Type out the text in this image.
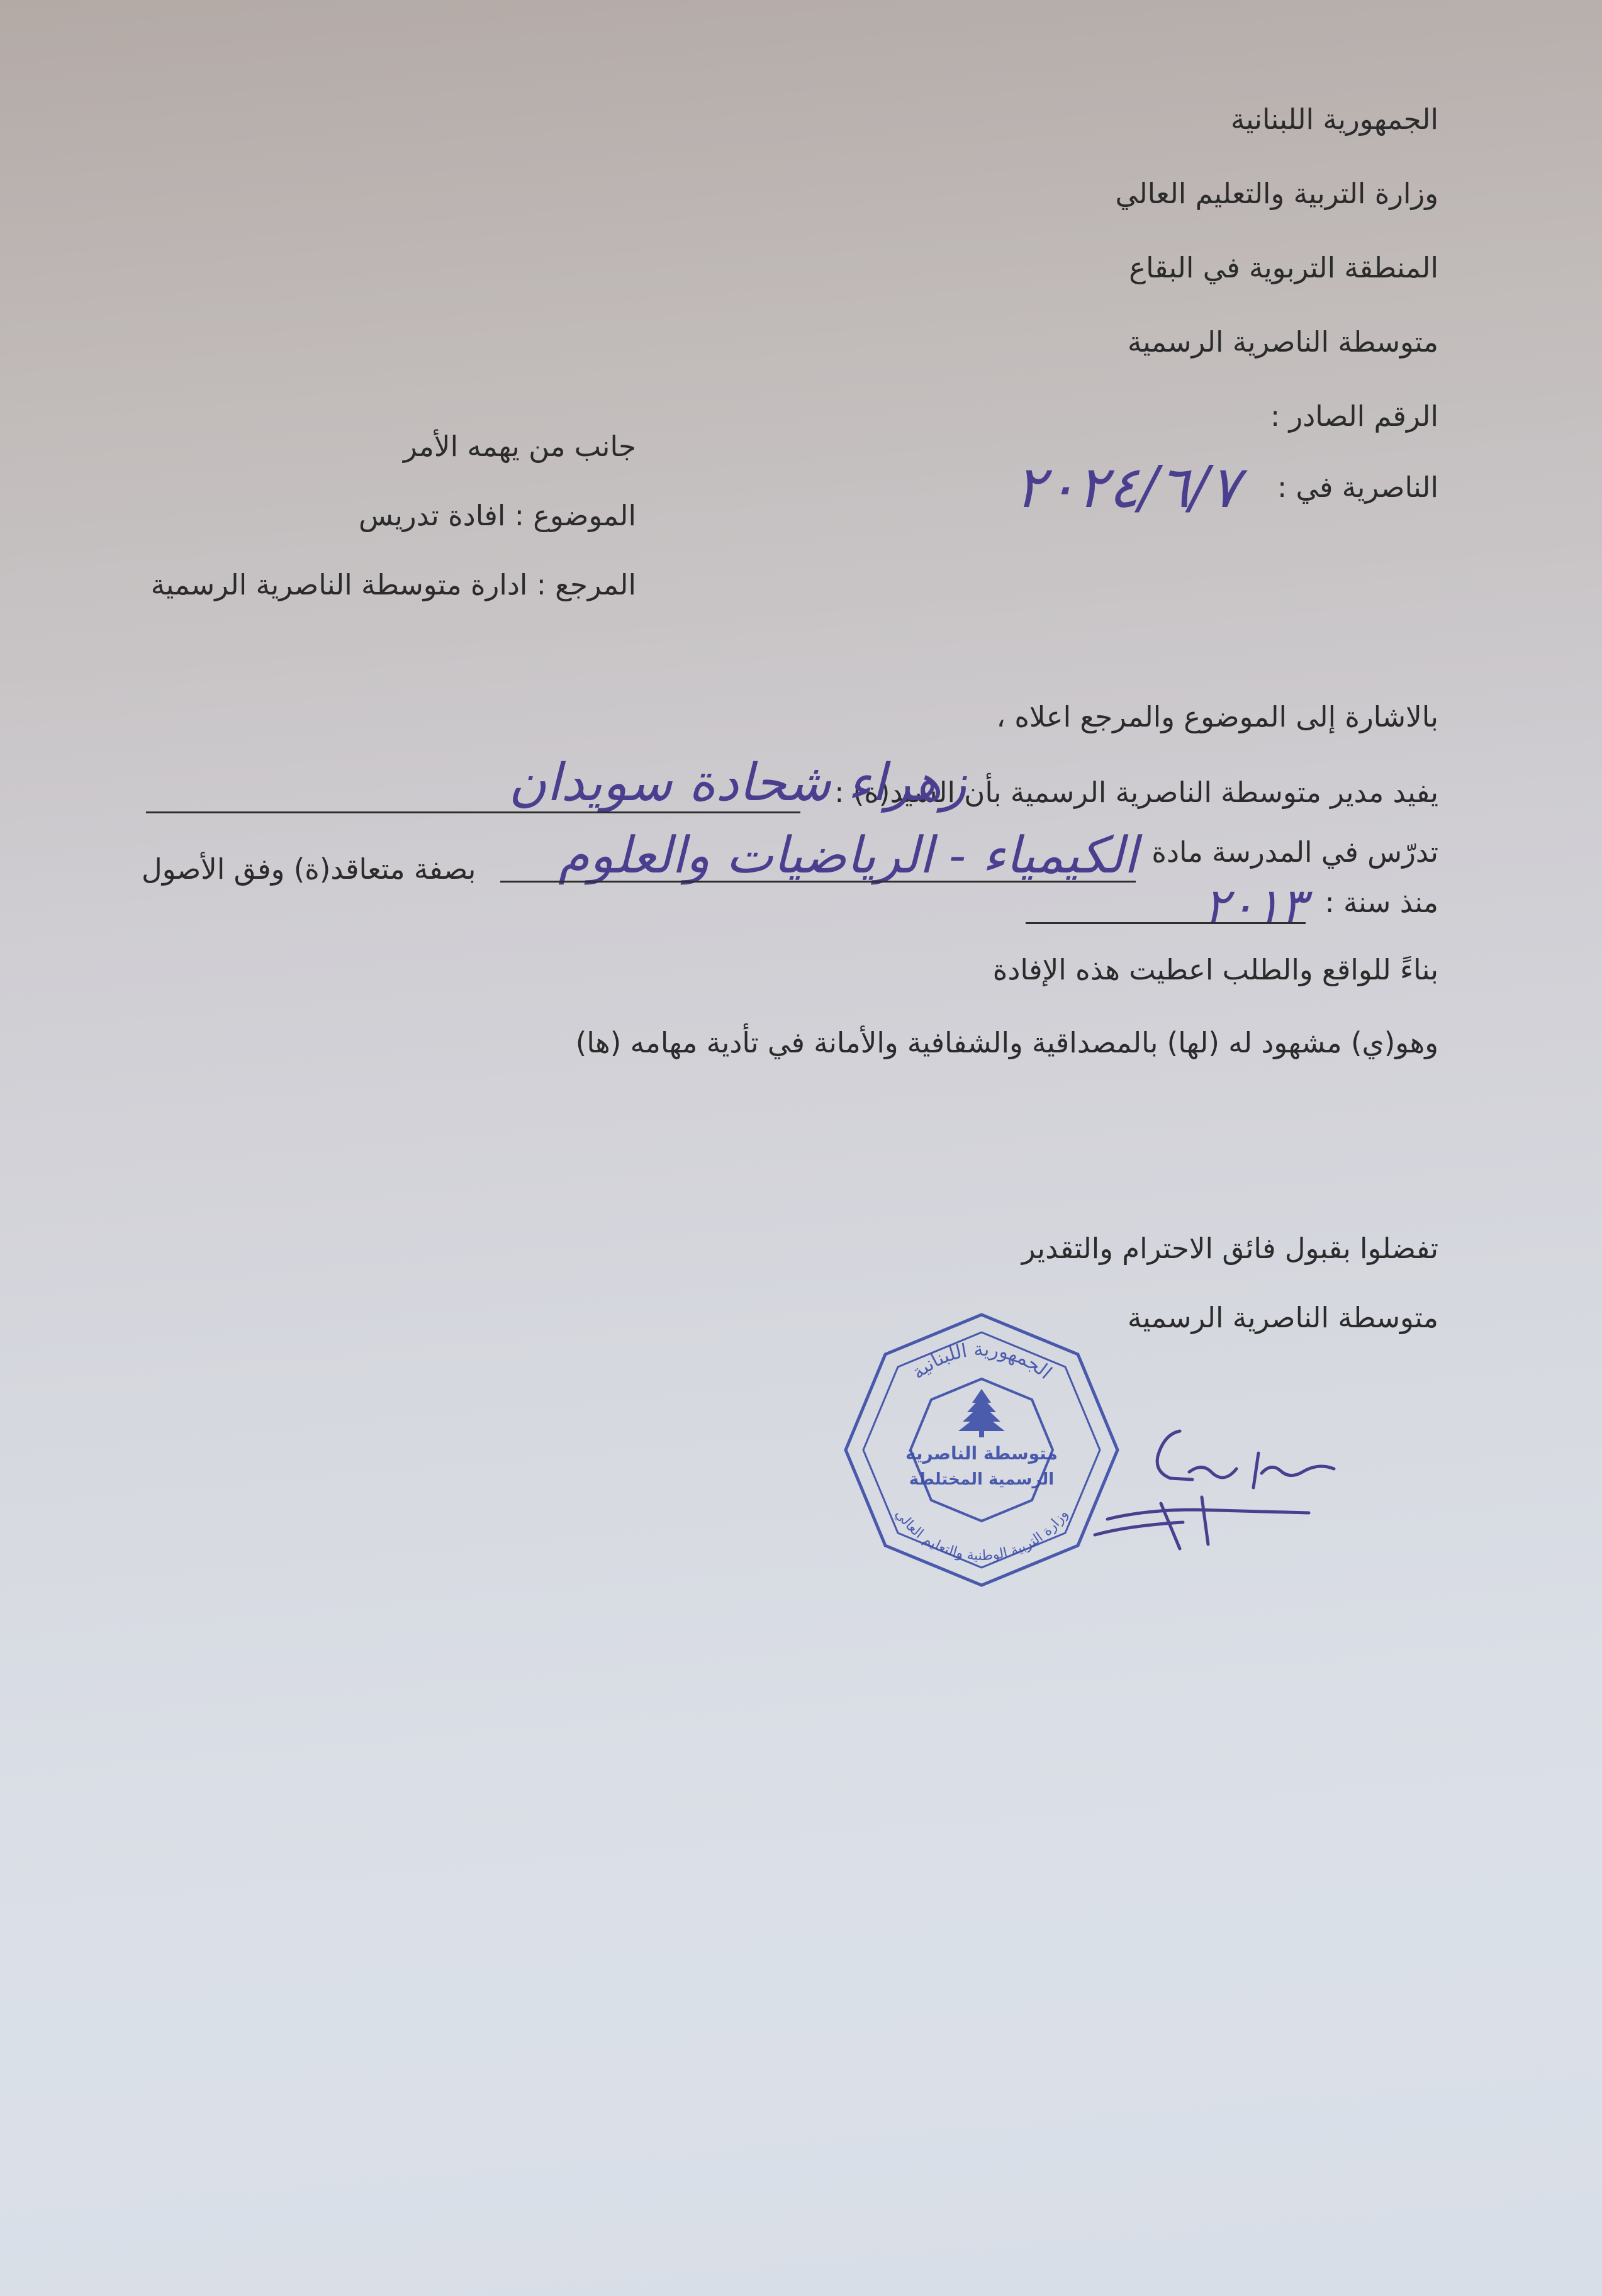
الجمهورية اللبنانية
وزارة التربية والتعليم العالي
المنطقة التربوية في البقاع
متوسطة الناصرية الرسمية
الرقم الصادر :
الناصرية في :
٢٠٢٤/٦/٧
جانب من يهمه الأمر
الموضوع : افادة تدريس
المرجع : ادارة متوسطة الناصرية الرسمية
بالاشارة إلى الموضوع والمرجع اعلاه ،
يفيد مدير متوسطة الناصرية الرسمية بأن السيد(ة) :
زهراء شحادة سويدان
تدرّس في المدرسة مادة
الكيمياء - الرياضيات والعلوم
بصفة متعاقد(ة) وفق الأصول
منذ سنة :
٢٠١٣
بناءً للواقع والطلب اعطيت هذه الإفادة
وهو(ي) مشهود له (لها) بالمصداقية والشفافية والأمانة في تأدية مهامه (ها)
تفضلوا بقبول فائق الاحترام والتقدير
متوسطة الناصرية الرسمية
الجمهورية اللبنانية
وزارة التربية الوطنية والتعليم العالي
متوسطة الناصرية
الرسمية المختلطة
